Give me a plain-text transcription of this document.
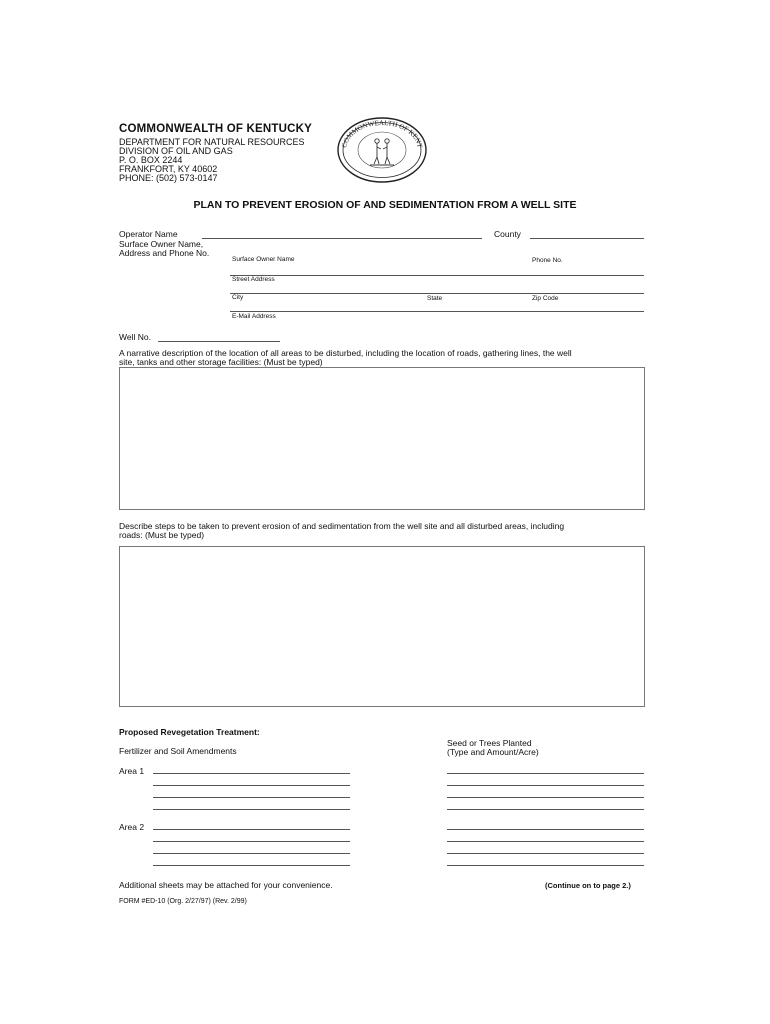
COMMONWEALTH OF KENTUCKY
DEPARTMENT FOR NATURAL RESOURCES
DIVISION OF OIL AND GAS
P. O. BOX 2244
FRANKFORT, KY 40602
PHONE: (502) 573-0147
COMMONWEALTH OF KENT
PLAN TO PREVENT EROSION OF AND SEDIMENTATION FROM A WELL SITE
Operator Name	County
Surface Owner Name,
Address and Phone No.
Surface Owner Name	Phone No.
Street Address
City	State	Zip Code
E-Mail Address
Well No.
A narrative description of the location of all areas to be disturbed, including the location of roads, gathering lines, the well
site, tanks and other storage facilities: (Must be typed)
Describe steps to be taken to prevent erosion of and sedimentation from the well site and all disturbed areas, including
roads: (Must be typed)
Proposed Revegetation Treatment:
Seed or Trees Planted
(Type and Amount/Acre)
Fertilizer and Soil Amendments
Area 1
Area 2
Additional sheets may be attached for your convenience.	(Continue on to page 2.)
FORM #ED-10 (Org. 2/27/97) (Rev. 2/99)
